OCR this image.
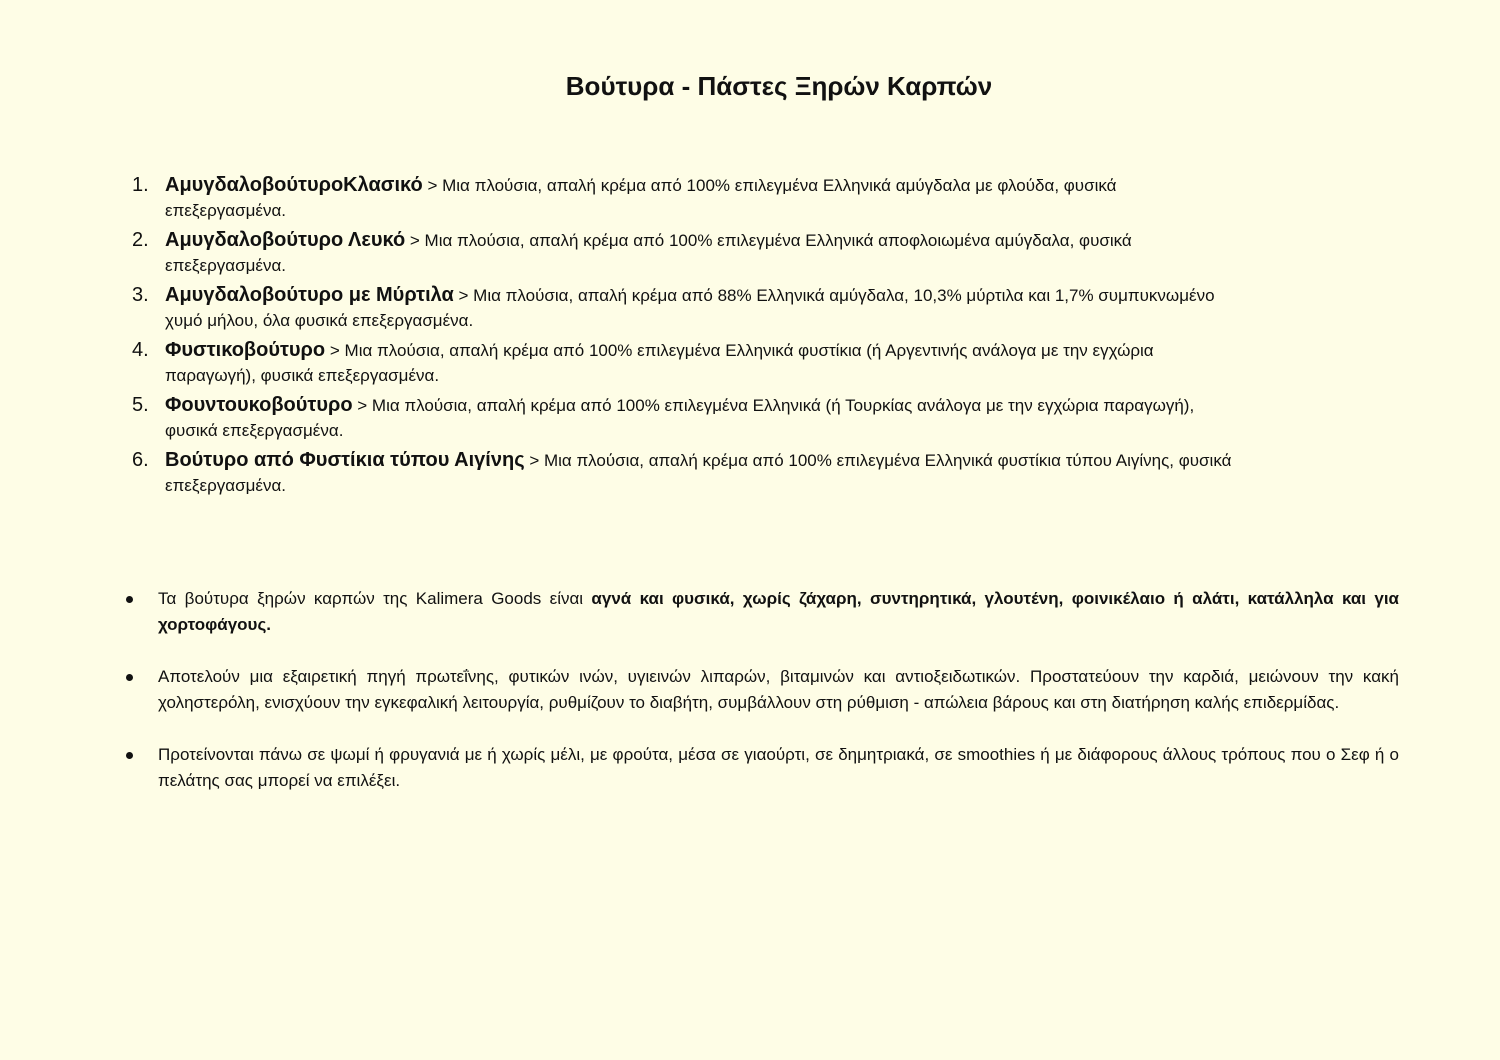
Βούτυρα - Πάστες Ξηρών Καρπών
1. ΑμυγδαλοβούτυροΚλασικό > Μια πλούσια, απαλή κρέμα από 100% επιλεγμένα Ελληνικά αμύγδαλα με φλούδα, φυσικά
επεξεργασμένα.
2. Αμυγδαλοβούτυρο Λευκό > Μια πλούσια, απαλή κρέμα από 100% επιλεγμένα Ελληνικά αποφλοιωμένα αμύγδαλα, φυσικά
επεξεργασμένα.
3. Αμυγδαλοβούτυρο με Μύρτιλα > Μια πλούσια, απαλή κρέμα από 88% Ελληνικά αμύγδαλα, 10,3% μύρτιλα και 1,7% συμπυκνωμένο
χυμό μήλου, όλα φυσικά επεξεργασμένα.
4. Φυστικοβούτυρο > Μια πλούσια, απαλή κρέμα από 100% επιλεγμένα Ελληνικά φυστίκια (ή Αργεντινής ανάλογα με την εγχώρια
παραγωγή), φυσικά επεξεργασμένα.
5. Φουντουκοβούτυρο > Μια πλούσια, απαλή κρέμα από 100% επιλεγμένα Ελληνικά (ή Τουρκίας ανάλογα με την εγχώρια παραγωγή),
φυσικά επεξεργασμένα.
6. Βούτυρο από Φυστίκια τύπου Αιγίνης > Μια πλούσια, απαλή κρέμα από 100% επιλεγμένα Ελληνικά φυστίκια τύπου Αιγίνης, φυσικά
επεξεργασμένα.
Τα βούτυρα ξηρών καρπών της Kalimera Goods είναι αγνά και φυσικά, χωρίς ζάχαρη, συντηρητικά, γλουτένη, φοινικέλαιο ή αλάτι, κατάλληλα και για χορτοφάγους.
Αποτελούν μια εξαιρετική πηγή πρωτεΐνης, φυτικών ινών, υγιεινών λιπαρών, βιταμινών και αντιοξειδωτικών. Προστατεύουν την καρδιά, μειώνουν την κακή χοληστερόλη, ενισχύουν την εγκεφαλική λειτουργία, ρυθμίζουν το διαβήτη, συμβάλλουν στη ρύθμιση - απώλεια βάρους και στη διατήρηση καλής επιδερμίδας.
Προτείνονται πάνω σε ψωμί ή φρυγανιά με ή χωρίς μέλι, με φρούτα, μέσα σε γιαούρτι, σε δημητριακά, σε smoothies ή με διάφορους άλλους τρόπους που ο Σεφ ή ο πελάτης σας μπορεί να επιλέξει.
